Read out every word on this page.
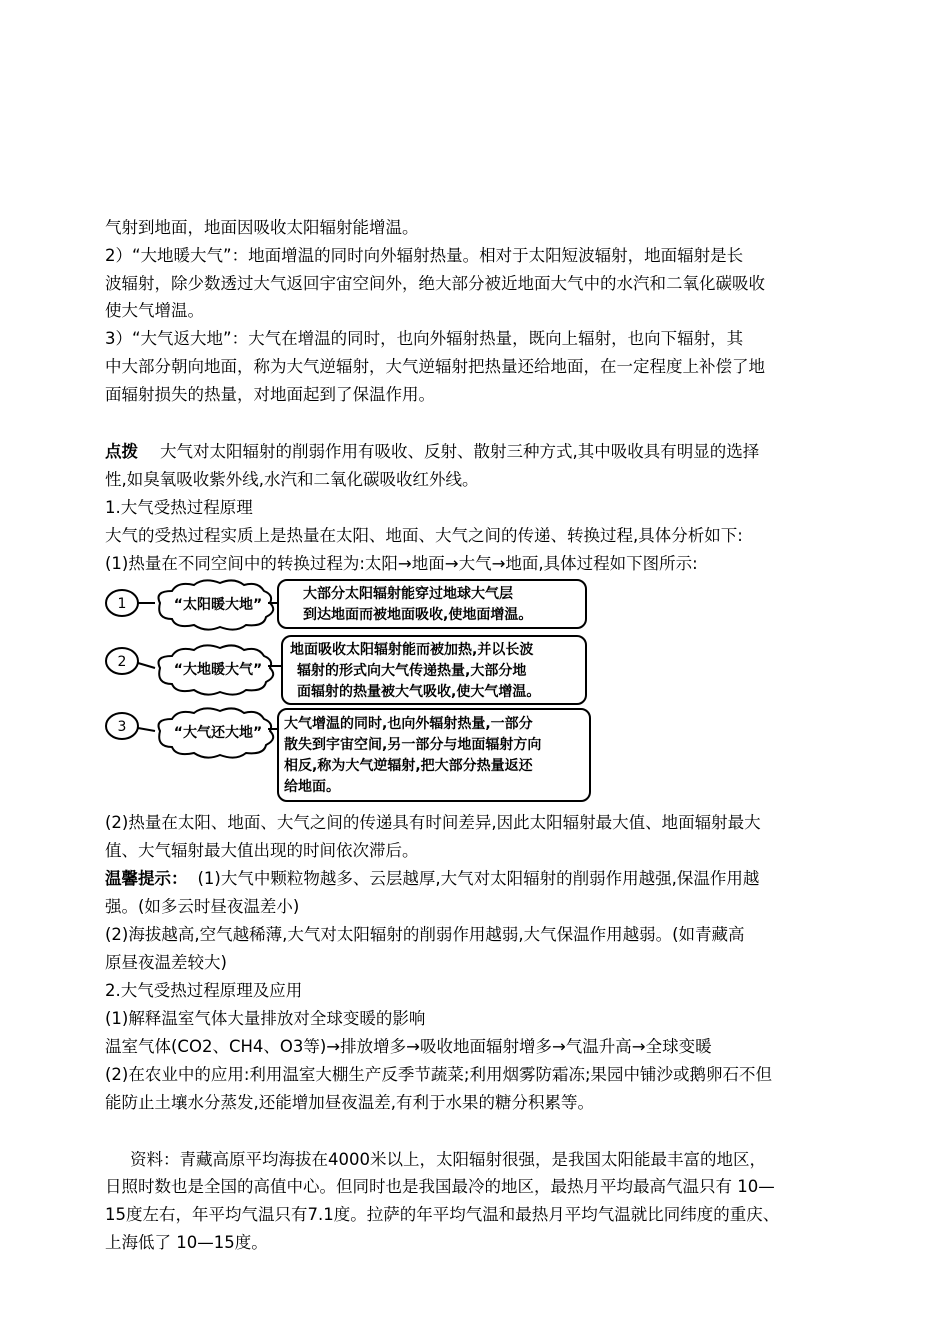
气射到地面，地面因吸收太阳辐射能增温。
2）“大地暖大气”：地面增温的同时向外辐射热量。相对于太阳短波辐射，地面辐射是长
波辐射，除少数透过大气返回宇宙空间外，绝大部分被近地面大气中的水汽和二氧化碳吸收
使大气增温。
3）“大气返大地”：大气在增温的同时，也向外辐射热量，既向上辐射，也向下辐射，其
中大部分朝向地面，称为大气逆辐射，大气逆辐射把热量还给地面，在一定程度上补偿了地
面辐射损失的热量，对地面起到了保温作用。
点拨 大气对太阳辐射的削弱作用有吸收、反射、散射三种方式,其中吸收具有明显的选择
性,如臭氧吸收紫外线,水汽和二氧化碳吸收红外线。
1.大气受热过程原理
大气的受热过程实质上是热量在太阳、地面、大气之间的传递、转换过程,具体分析如下:
(1)热量在不同空间中的转换过程为:太阳→地面→大气→地面,具体过程如下图所示:
1	“太阳暖大地”
大部分太阳辐射能穿过地球大气层
到达地面而被地面吸收,使地面增温。
2	“大地暖大气”
地面吸收太阳辐射能而被加热,并以长波
辐射的形式向大气传递热量,大部分地
面辐射的热量被大气吸收,使大气增温。
3	“大气还大地”
大气增温的同时,也向外辐射热量,一部分
散失到宇宙空间,另一部分与地面辐射方向
相反,称为大气逆辐射,把大部分热量返还
给地面。
(2)热量在太阳、地面、大气之间的传递具有时间差异,因此太阳辐射最大值、地面辐射最大
值、大气辐射最大值出现的时间依次滞后。
温馨提示： (1)大气中颗粒物越多、云层越厚,大气对太阳辐射的削弱作用越强,保温作用越
强。(如多云时昼夜温差小)
(2)海拔越高,空气越稀薄,大气对太阳辐射的削弱作用越弱,大气保温作用越弱。(如青藏高
原昼夜温差较大)
2.大气受热过程原理及应用
(1)解释温室气体大量排放对全球变暖的影响
温室气体(CO2、CH4、O3等)→排放增多→吸收地面辐射增多→气温升高→全球变暖
(2)在农业中的应用:利用温室大棚生产反季节蔬菜;利用烟雾防霜冻;果园中铺沙或鹅卵石不但
能防止土壤水分蒸发,还能增加昼夜温差,有利于水果的糖分积累等。
资料：青藏高原平均海拔在4000米以上，太阳辐射很强，是我国太阳能最丰富的地区，
日照时数也是全国的高值中心。但同时也是我国最冷的地区，最热月平均最高气温只有 10—
15度左右，年平均气温只有7.1度。拉萨的年平均气温和最热月平均气温就比同纬度的重庆、
上海低了 10—15度。
